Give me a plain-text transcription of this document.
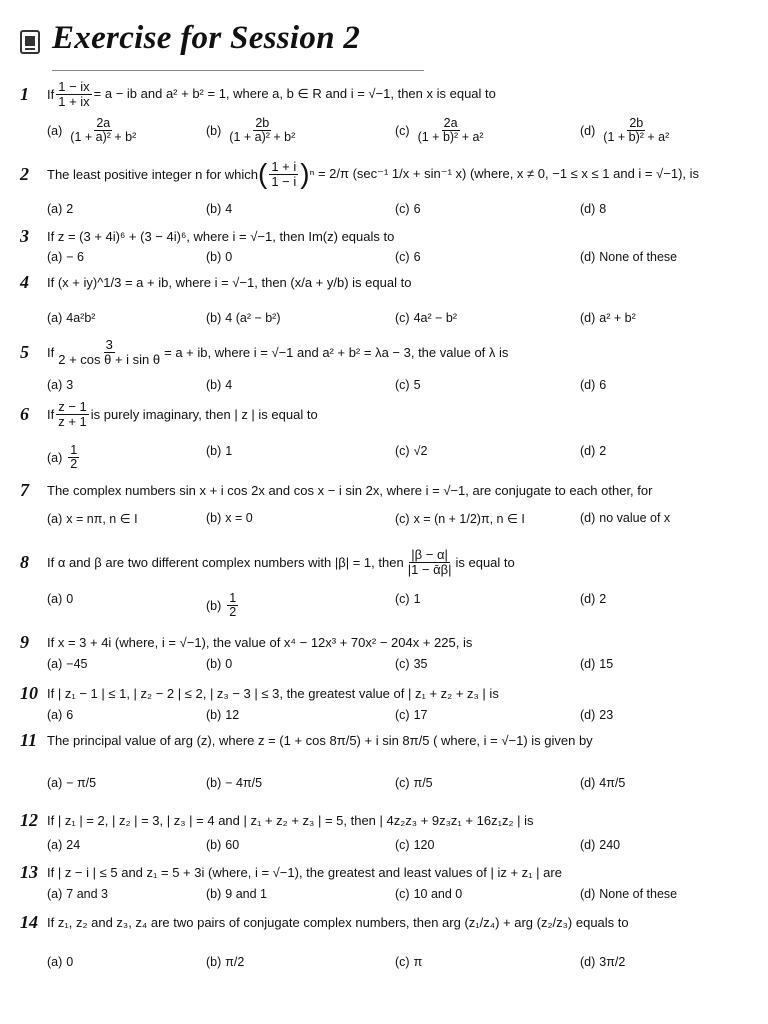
Exercise for Session 2
1	If $\frac{1 - ix}{1 + ix} = a$ − ib and a² + b² = 1, where a, b ∈ R and i = √−1, then x is equal to
$(a) \frac{2a}{\text{(1 + a)² + b²}}$	$(b) \frac{2b}{\text{(1 + a)² + b²}}$	$(c) \frac{2a}{\text{(1 + b)² + a²}}$	$(d) \frac{2b}{\text{(1 + b)² + a²}}$
2	The least positive integer n for which ( $\frac{1 + i}{1 - i}$ ) ⁿ = 2/π (sec⁻¹ 1/x + sin⁻¹ x) (where, x ≠ 0, −1 ≤ x ≤ 1 and i = √−1), is
(a) 2	(b) 4	(c) 6	(d) 8
3	If z = (3 + 4i)⁶ + (3 − 4i)⁶, where i = √−1, then Im(z) equals to
(a) − 6	(b) 0	(c) 6	(d) None of these
4	If (x + iy)^1/3 = a + ib, where i = √−1, then (x/a + y/b) is equal to
(a) 4a²b²	(b) 4 (a² − b²)	(c) 4a² − b²	(d) a² + b²
5	If $\frac{3}{\text{2 + cos θ + i sin θ}} = a$ + ib, where i = √−1 and a² + b² = λa − 3, the value of λ is
(a) 3	(b) 4	(c) 5	(d) 6
6	If $\frac{z - 1}{z + 1}$ is purely imaginary, then | z | is equal to
$(a) \frac{1}{2}$	(b) 1	(c) √2	(d) 2
7	The complex numbers sin x + i cos 2x and cos x − i sin 2x, where i = √−1, are conjugate to each other, for
(a) x = nπ, n ∈ I	(b) x = 0	(c) x = (n + 1/2)π, n ∈ I	(d) no value of x
8	If α and β are two different complex numbers with |β| = 1, then $\frac{|\beta - \alpha|}{\text{|1 − ᾱβ|}}$ is equal to
(a) 0	$(b) \frac{1}{2}$	(c) 1	(d) 2
9	If x = 3 + 4i (where, i = √−1), the value of x⁴ − 12x³ + 70x² − 204x + 225, is
(a) −45	(b) 0	(c) 35	(d) 15
10 If | z₁ − 1 | ≤ 1, | z₂ − 2 | ≤ 2, | z₃ − 3 | ≤ 3, the greatest value of | z₁ + z₂ + z₃ | is
(a) 6	(b) 12	(c) 17	(d) 23
11 The principal value of arg (z), where z = (1 + cos 8π/5) + i sin 8π/5 ( where, i = √−1) is given by
(a) − π/5	(b) − 4π/5	(c) π/5	(d) 4π/5
12 If | z₁ | = 2, | z₂ | = 3, | z₃ | = 4 and | z₁ + z₂ + z₃ | = 5, then | 4z₂z₃ + 9z₃z₁ + 16z₁z₂ | is
(a) 24	(b) 60	(c) 120	(d) 240
13 If | z − i | ≤ 5 and z₁ = 5 + 3i (where, i = √−1), the greatest and least values of | iz + z₁ | are
(a) 7 and 3	(b) 9 and 1	(c) 10 and 0	(d) None of these
14 If z₁, z₂ and z₃, z₄ are two pairs of conjugate complex numbers, then arg (z₁/z₄) + arg (z₂/z₃) equals to
(a) 0	(b) π/2	(c) π	(d) 3π/2
